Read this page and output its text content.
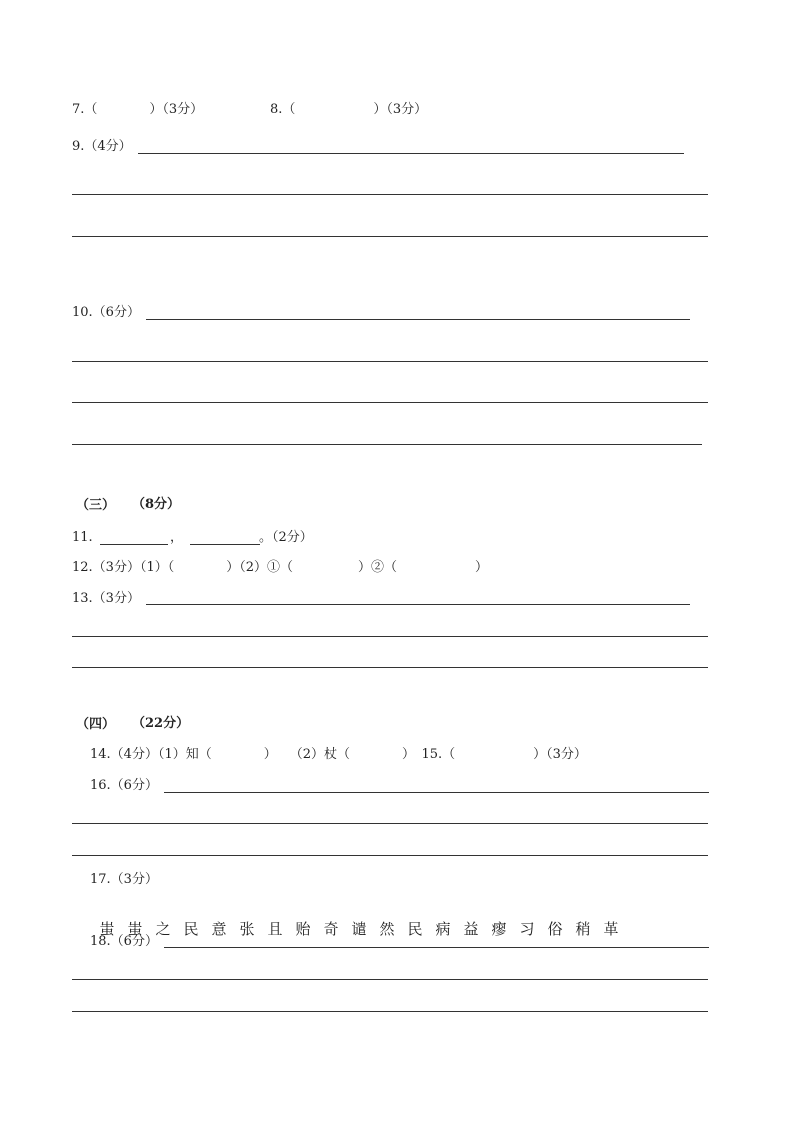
7.（　　　　）（3分）	8.（　　　　　　）（3分）
9.（4分）
10.（6分）
（三） （8分）
11.	，	。（2分）
12.（3分）（1）（　　　　）（2）①（　　　　　）②（　　　　　　）
13.（3分）
（四） （22分）
14.（4分）（1）知（　　　　）　　（2）杖（　　　　）　15.（　　　　　　）（3分）
16.（6分）
17.（3分）

蚩 蚩 之 民 意 张 且 贻 奇 谴 然 民 病 益 瘳 习 俗 稍 革

18.（6分）
